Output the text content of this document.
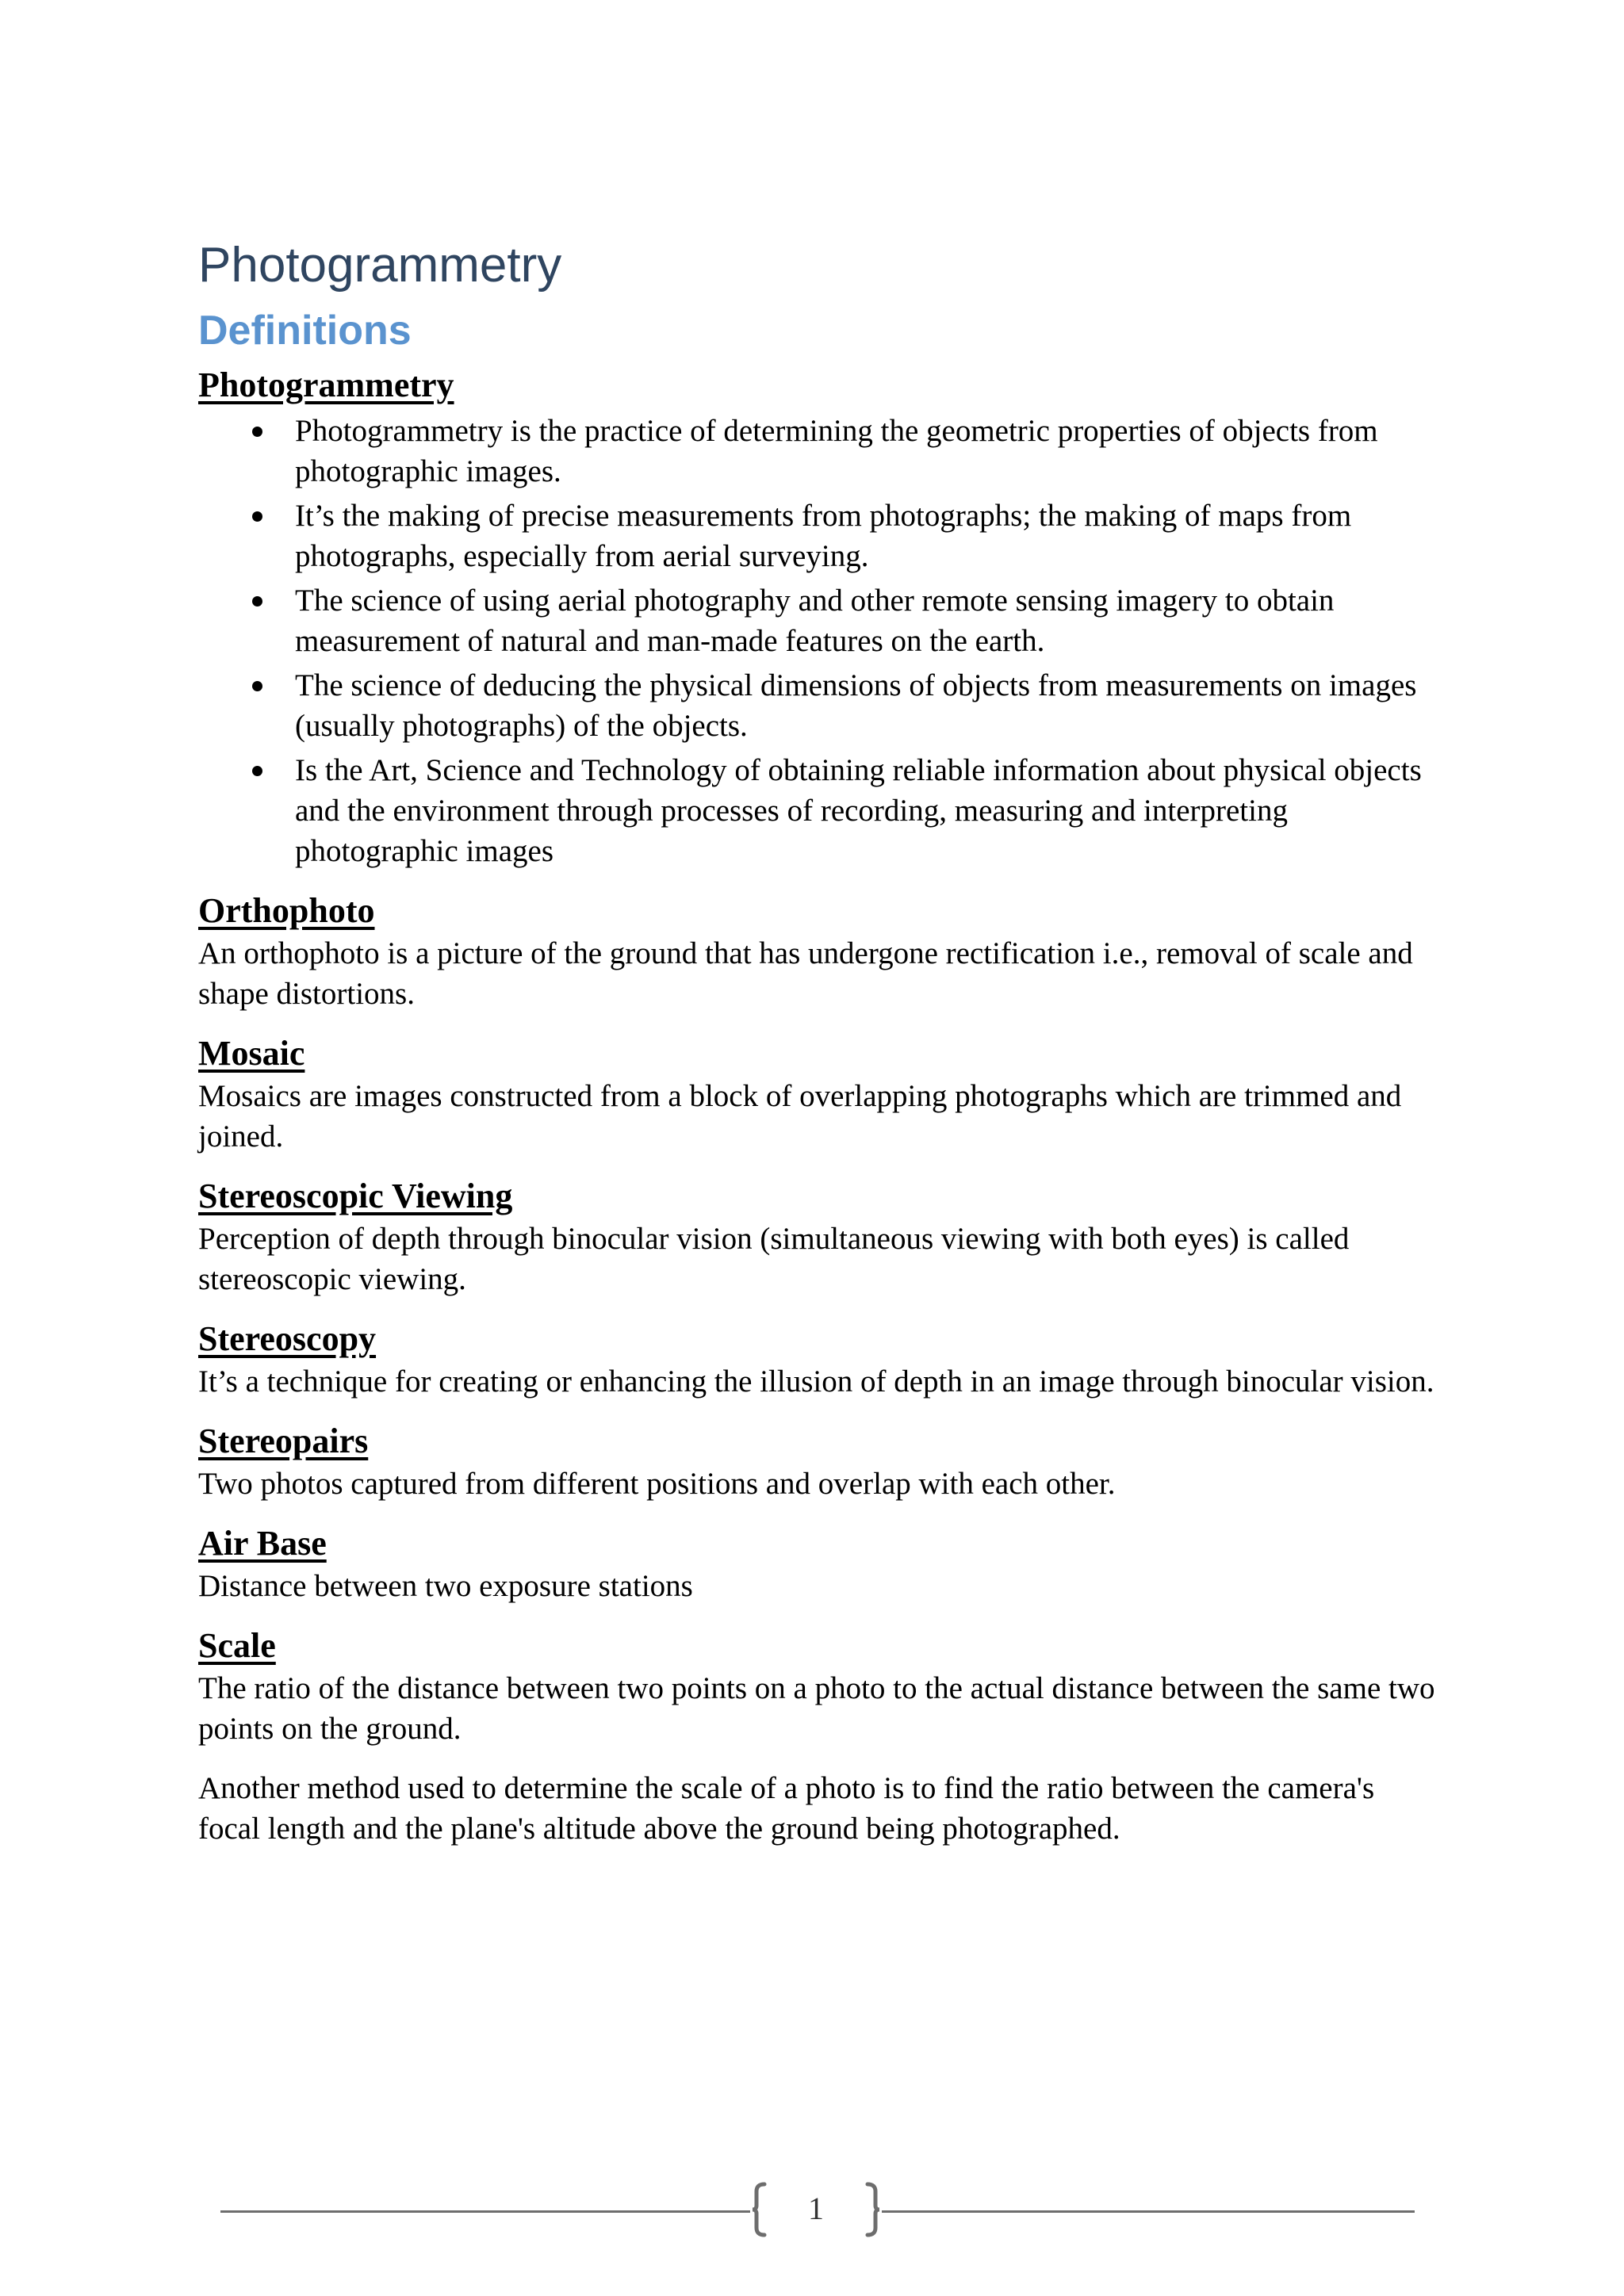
Photogrammetry
Definitions
Photogrammetry
Photogrammetry is the practice of determining the geometric properties of objects from photographic images.
It’s the making of precise measurements from photographs; the making of maps from photographs, especially from aerial surveying.
The science of using aerial photography and other remote sensing imagery to obtain measurement of natural and man-made features on the earth.
The science of deducing the physical dimensions of objects from measurements on images (usually photographs) of the objects.
Is the Art, Science and Technology of obtaining reliable information about physical objects and the environment through processes of recording, measuring and interpreting photographic images
Orthophoto

An orthophoto is a picture of the ground that has undergone rectification i.e., removal of scale and shape distortions.

Mosaic

Mosaics are images constructed from a block of overlapping photographs which are trimmed and joined.

Stereoscopic Viewing

Perception of depth through binocular vision (simultaneous viewing with both eyes) is called stereoscopic viewing.

Stereoscopy

It’s a technique for creating or enhancing the illusion of depth in an image through binocular vision.

Stereopairs

Two photos captured from different positions and overlap with each other.

Air Base

Distance between two exposure stations

Scale

The ratio of the distance between two points on a photo to the actual distance between the same two points on the ground.

Another method used to determine the scale of a photo is to find the ratio between the camera's focal length and the plane's altitude above the ground being photographed.

1
